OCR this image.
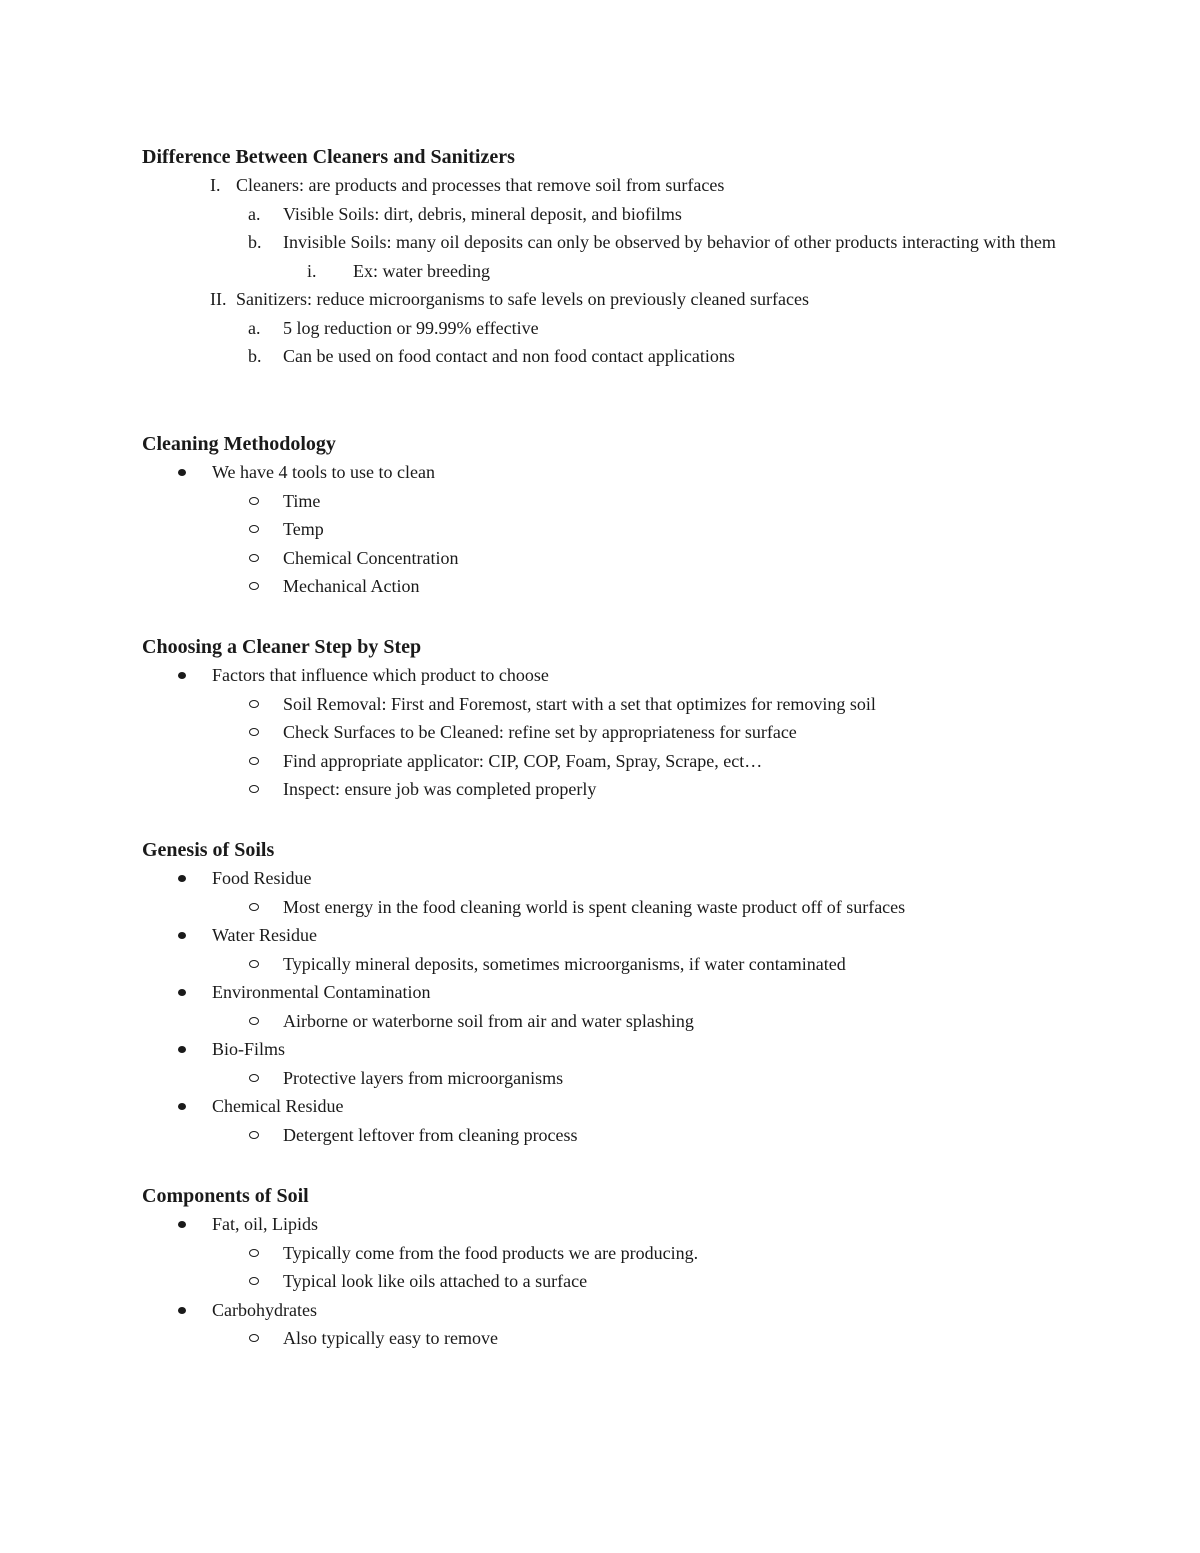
Difference Between Cleaners and Sanitizers
I. Cleaners: are products and processes that remove soil from surfaces
a. Visible Soils: dirt, debris, mineral deposit, and biofilms
b. Invisible Soils: many oil deposits can only be observed by behavior of other products interacting with them
i. Ex: water breeding
II. Sanitizers: reduce microorganisms to safe levels on previously cleaned surfaces
a. 5 log reduction or 99.99% effective
b. Can be used on food contact and non food contact applications
Cleaning Methodology
We have 4 tools to use to clean
Time
Temp
Chemical Concentration
Mechanical Action
Choosing a Cleaner Step by Step
Factors that influence which product to choose
Soil Removal: First and Foremost, start with a set that optimizes for removing soil
Check Surfaces to be Cleaned: refine set by appropriateness for surface
Find appropriate applicator: CIP, COP, Foam, Spray, Scrape, ect…
Inspect: ensure job was completed properly
Genesis of Soils
Food Residue
Most energy in the food cleaning world is spent cleaning waste product off of surfaces
Water Residue
Typically mineral deposits, sometimes microorganisms, if water contaminated
Environmental Contamination
Airborne or waterborne soil from air and water splashing
Bio-Films
Protective layers from microorganisms
Chemical Residue
Detergent leftover from cleaning process
Components of Soil
Fat, oil, Lipids
Typically come from the food products we are producing.
Typical look like oils attached to a surface
Carbohydrates
Also typically easy to remove
